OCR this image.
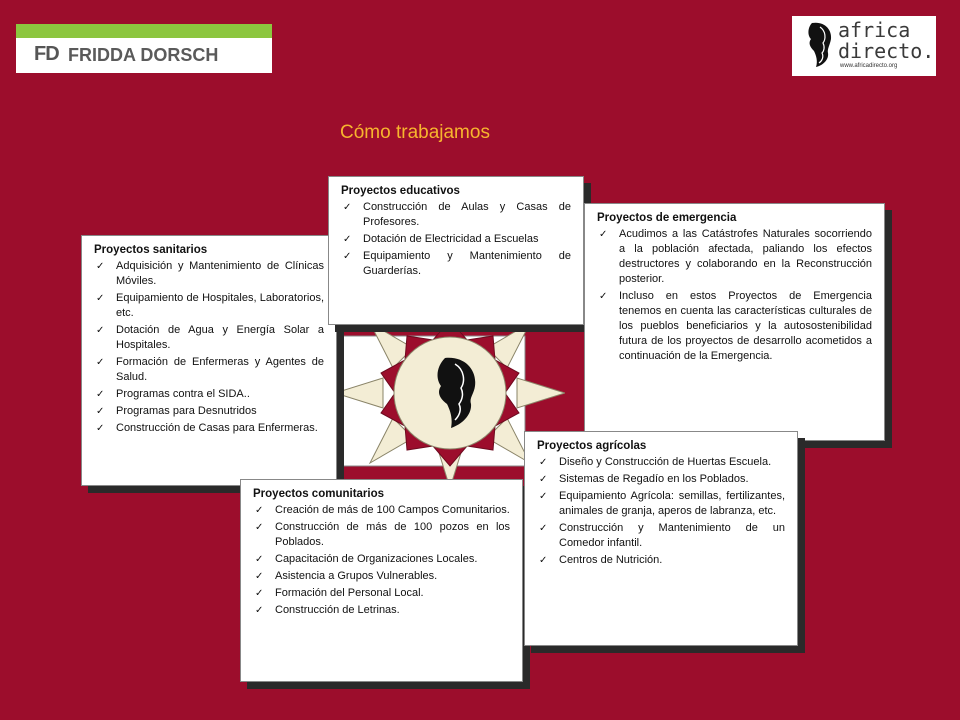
FD FRIDDA DORSCH
africa
directo.
www.africadirecto.org
Cómo trabajamos
Proyectos sanitarios
✓ Adquisición y Mantenimiento de Clínicas Móviles.
✓ Equipamiento de Hospitales, Laboratorios, etc.
✓ Dotación de Agua y Energía Solar a Hospitales.
✓ Formación de Enfermeras y Agentes de Salud.
✓ Programas contra el SIDA..
✓ Programas para Desnutridos
✓ Construcción de Casas para Enfermeras.
Proyectos educativos
✓ Construcción de Aulas y Casas de Profesores.
✓ Dotación de Electricidad a Escuelas
✓ Equipamiento y Mantenimiento de Guarderías.
Proyectos de emergencia
✓ Acudimos a las Catástrofes Naturales socorriendo a la población afectada, paliando los efectos destructores y colaborando en la Reconstrucción posterior.
✓ Incluso en estos Proyectos de Emergencia tenemos en cuenta las características culturales de los pueblos beneficiarios y la autosostenibilidad futura de los proyectos de desarrollo acometidos a continuación de la Emergencia.
Proyectos comunitarios
✓ Creación de más de 100 Campos Comunitarios.
✓ Construcción de más de 100 pozos en los Poblados.
✓ Capacitación de Organizaciones Locales.
✓ Asistencia a Grupos Vulnerables.
✓ Formación del Personal Local.
✓ Construcción de Letrinas.
Proyectos agrícolas
✓ Diseño y Construcción de Huertas Escuela.
✓ Sistemas de Regadío en los Poblados.
✓ Equipamiento Agrícola: semillas, fertilizantes, animales de granja, aperos de labranza, etc.
✓ Construcción y Mantenimiento de un Comedor infantil.
✓ Centros de Nutrición.
